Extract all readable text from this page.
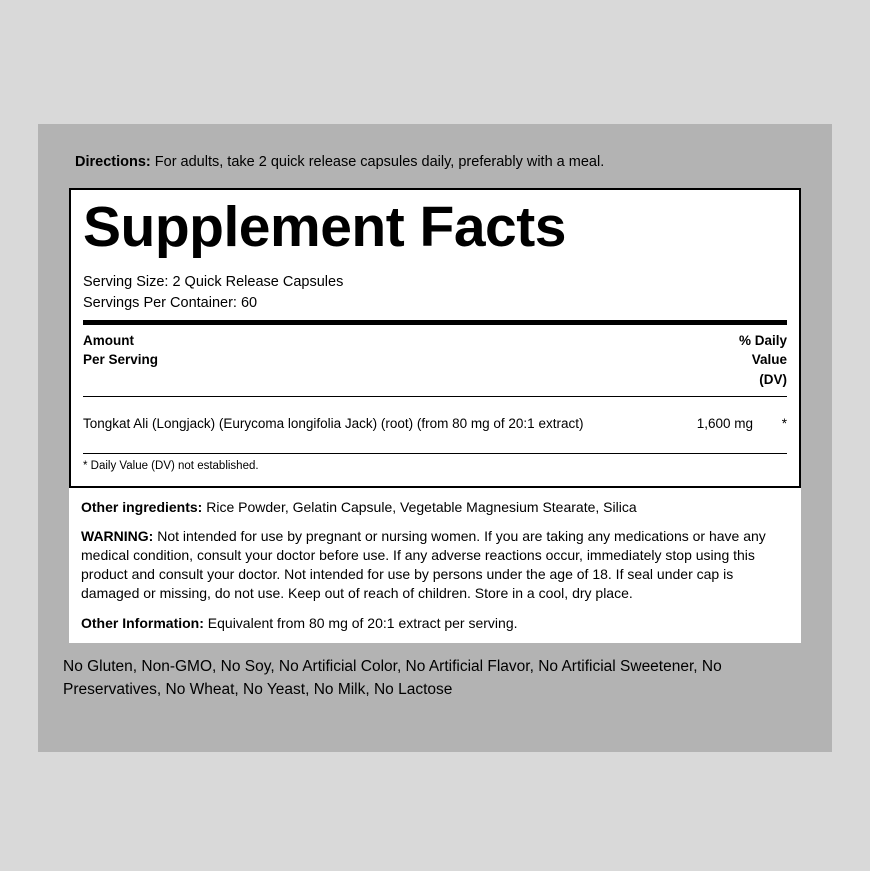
Directions: For adults, take 2 quick release capsules daily, preferably with a meal.
Supplement Facts
Serving Size: 2 Quick Release Capsules
Servings Per Container: 60
Amount
Per Serving
% Daily
Value
(DV)
Tongkat Ali (Longjack) (Eurycoma longifolia Jack) (root) (from 80 mg of 20:1 extract)	1,600 mg	*
* Daily Value (DV) not established.
Other ingredients: Rice Powder, Gelatin Capsule, Vegetable Magnesium Stearate, Silica
WARNING: Not intended for use by pregnant or nursing women. If you are taking any medications or have any medical condition, consult your doctor before use. If any adverse reactions occur, immediately stop using this product and consult your doctor. Not intended for use by persons under the age of 18. If seal under cap is damaged or missing, do not use. Keep out of reach of children. Store in a cool, dry place.
Other Information: Equivalent from 80 mg of 20:1 extract per serving.
No Gluten, Non-GMO, No Soy, No Artificial Color, No Artificial Flavor, No Artificial Sweetener, No Preservatives, No Wheat, No Yeast, No Milk, No Lactose
